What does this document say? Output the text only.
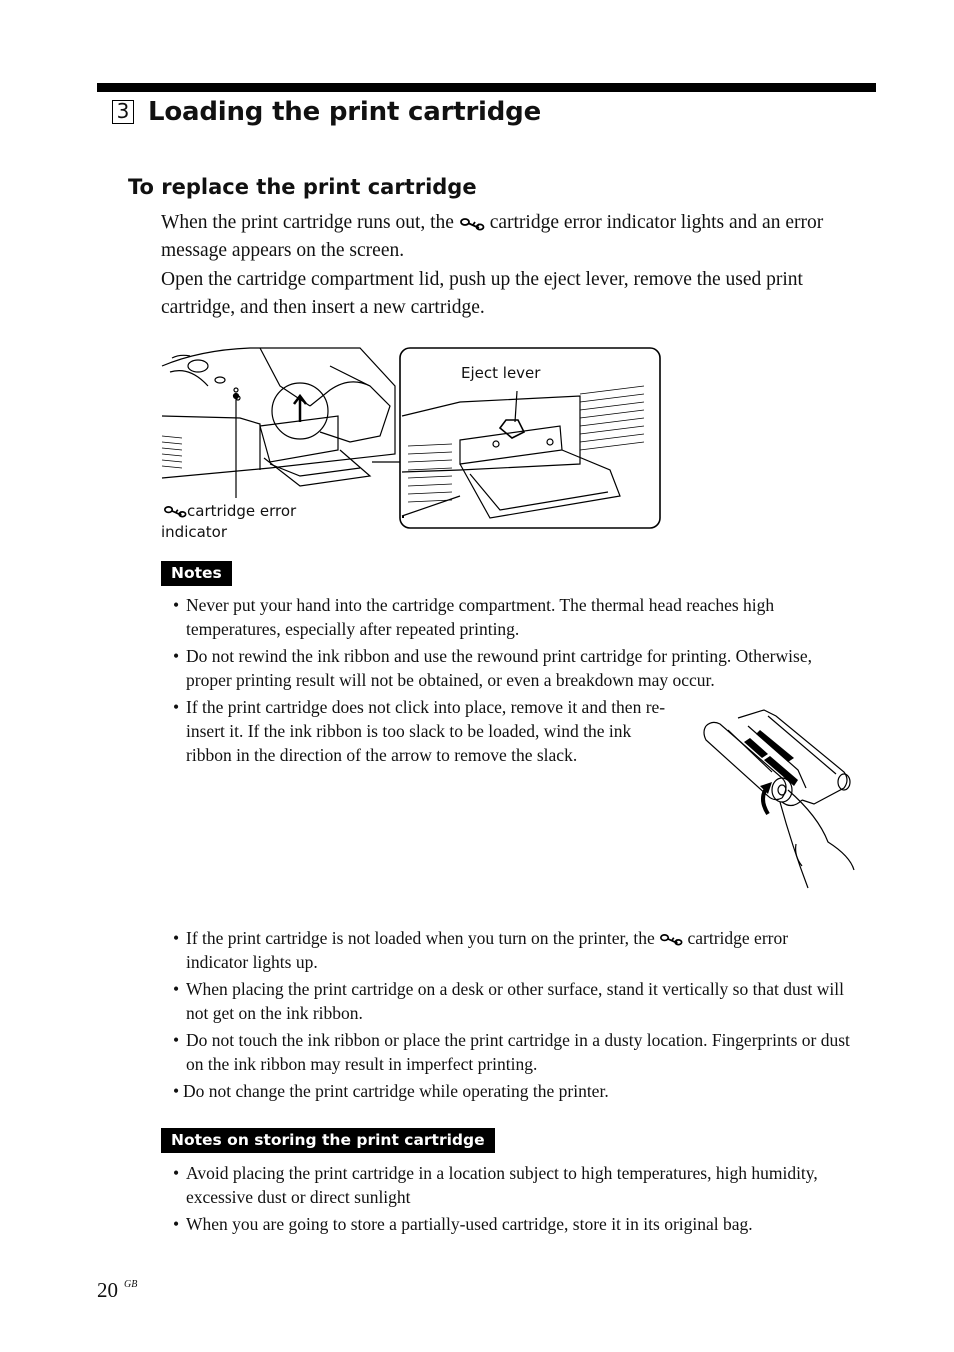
3 Loading the print cartridge
To replace the print cartridge

When the print cartridge runs out, the cartridge error indicator lights and an error message appears on the screen.

Open the cartridge compartment lid, push up the eject lever, remove the used print cartridge, and then insert a new cartridge.

Eject lever
cartridge error
indicator
Notes
• Never put your hand into the cartridge compartment. The thermal head reaches high temperatures, especially after repeated printing.
• Do not rewind the ink ribbon and use the rewound print cartridge for printing. Otherwise, proper printing result will not be obtained, or even a breakdown may occur.
• If the print cartridge does not click into place, remove it and then re-insert it. If the ink ribbon is too slack to be loaded, wind the ink ribbon in the direction of the arrow to remove the slack.
• If the print cartridge is not loaded when you turn on the printer, the cartridge error indicator lights up.
• When placing the print cartridge on a desk or other surface, stand it vertically so that dust will not get on the ink ribbon.
• Do not touch the ink ribbon or place the print cartridge in a dusty location. Fingerprints or dust on the ink ribbon may result in imperfect printing.
• Do not change the print cartridge while operating the printer.
Notes on storing the print cartridge
• Avoid placing the print cartridge in a location subject to high temperatures, high humidity, excessive dust or direct sunlight
• When you are going to store a partially-used cartridge, store it in its original bag.
20 $^{GB}$
